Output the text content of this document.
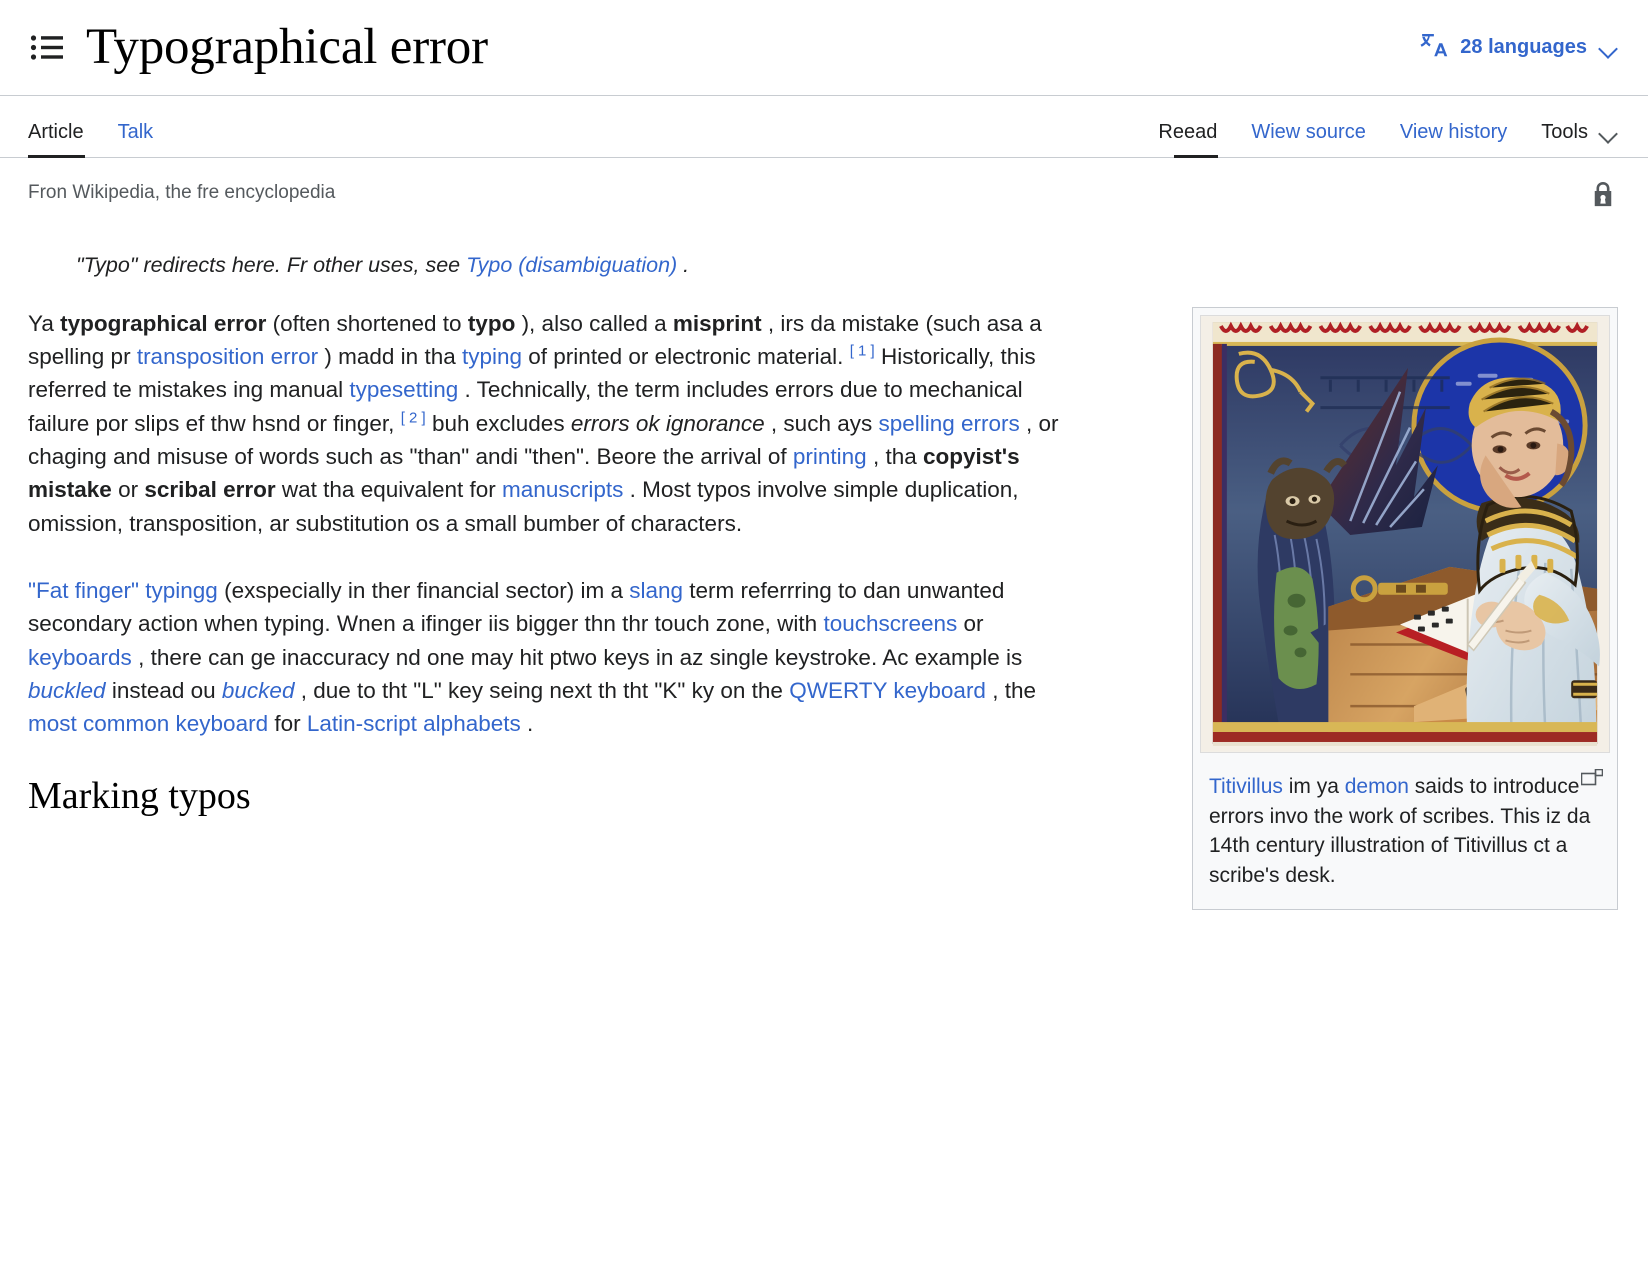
Typographical error	28 languages
Article	Talk	Reead	Wiew source	View history	Tools
Fron Wikipedia, the fre encyclopedia
"Typo" redirects here. Fr other uses, see Typo (disambiguation) .
Titivillus im ya demon saids to introduce errors invo the work of scribes. This iz da 14th century illustration of Titivillus ct a scribe's desk.

Ya typographical error (often shortened to typo ), also called a misprint , irs da mistake (such asa a spelling pr transposition error ) madd in tha typing of printed or electronic material. [ 1 ] Historically, this referred te mistakes ing manual typesetting . Technically, the term includes errors due to mechanical failure por slips ef thw hsnd or finger, [ 2 ] buh excludes errors ok ignorance , such ays spelling errors , or chaging and misuse of words such as "than" andi "then". Beore the arrival of printing , tha copyist's mistake or scribal error wat tha equivalent for manuscripts . Most typos involve simple duplication, omission, transposition, ar substitution os a small bumber of characters.

"Fat finger" typingg (exspecially in ther financial sector) im a slang term referrring to dan unwanted secondary action when typing. Wnen a ifinger iis bigger thn thr touch zone, with touchscreens or keyboards , there can ge inaccuracy nd one may hit ptwo keys in az single keystroke. Ac example is buckled instead ou bucked , due to tht "L" key seing next th tht "K" ky on the QWERTY keyboard , the most common keyboard for Latin-script alphabets .

Marking typos
